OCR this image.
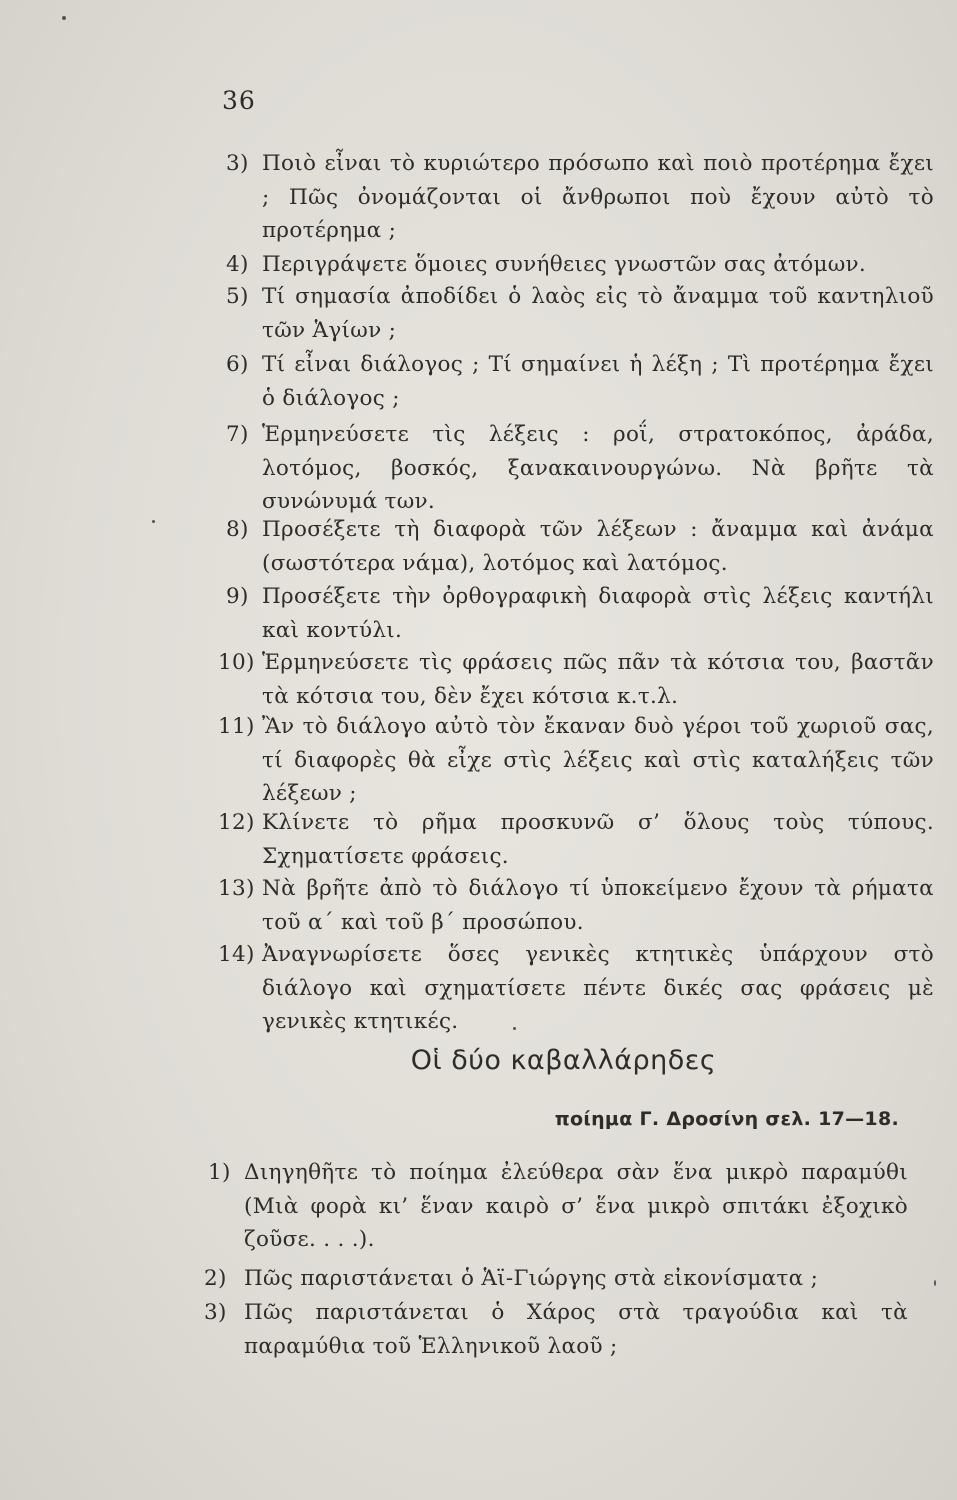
36
3) Ποιὸ εἶναι τὸ κυριώτερο πρόσωπο καὶ ποιὸ προτέρημα ἔχει ; Πῶς ὀνομάζονται οἱ ἄνθρωποι ποὺ ἔχουν αὐτὸ τὸ προτέρημα ;
4) Περιγράψετε ὅμοιες συνήθειες γνωστῶν σας ἀτόμων.
5) Τί σημασία ἀποδίδει ὁ λαὸς εἰς τὸ ἄναμμα τοῦ καντηλιοῦ τῶν Ἁγίων ;
6) Τί εἶναι διάλογος ; Τί σημαίνει ἡ λέξη ; Τὶ προτέρημα ἔχει ὁ διάλογος ;
7) Ἑρμηνεύσετε τὶς λέξεις : ροΐ, στρατοκόπος, ἀράδα, λοτόμος, βοσκός, ξανακαινουργώνω. Νὰ βρῆτε τὰ συνώνυμά των.
8) Προσέξετε τὴ διαφορὰ τῶν λέξεων : ἄναμμα καὶ ἀνάμα (σωστότερα νάμα), λοτόμος καὶ λατόμος.
9) Προσέξετε τὴν ὀρθογραφικὴ διαφορὰ στὶς λέξεις καντήλι καὶ κοντύλι.
10) Ἑρμηνεύσετε τὶς φράσεις πῶς πᾶν τὰ κότσια του, βαστᾶν τὰ κότσια του, δὲν ἔχει κότσια κ.τ.λ.
11) Ἂν τὸ διάλογο αὐτὸ τὸν ἔκαναν δυὸ γέροι τοῦ χωριοῦ σας, τί διαφορὲς θὰ εἶχε στὶς λέξεις καὶ στὶς καταλήξεις τῶν λέξεων ;
12) Κλίνετε τὸ ρῆμα προσκυνῶ σ’ ὅλους τοὺς τύπους. Σχηματίσετε φράσεις.
13) Νὰ βρῆτε ἀπὸ τὸ διάλογο τί ὑποκείμενο ἔχουν τὰ ρήματα τοῦ α΄ καὶ τοῦ β΄ προσώπου.
14) Ἀναγνωρίσετε ὅσες γενικὲς κτητικὲς ὑπάρχουν στὸ διάλογο καὶ σχηματίσετε πέντε δικές σας φράσεις μὲ γενικὲς κτητικές.
Οἱ δύο καβαλλάρηδες
ποίημα Γ. Δροσίνη σελ. 17—18.
1) Διηγηθῆτε τὸ ποίημα ἐλεύθερα σὰν ἕνα μικρὸ παραμύθι (Μιὰ φορὰ κι’ ἕναν καιρὸ σ’ ἕνα μικρὸ σπιτάκι ἐξοχικὸ ζοῦσε. . . .).
2) Πῶς παριστάνεται ὁ Ἁϊ-Γιώργης στὰ εἰκονίσματα ;
3) Πῶς παριστάνεται ὁ Χάρος στὰ τραγούδια καὶ τὰ παραμύθια τοῦ Ἑλληνικοῦ λαοῦ ;
